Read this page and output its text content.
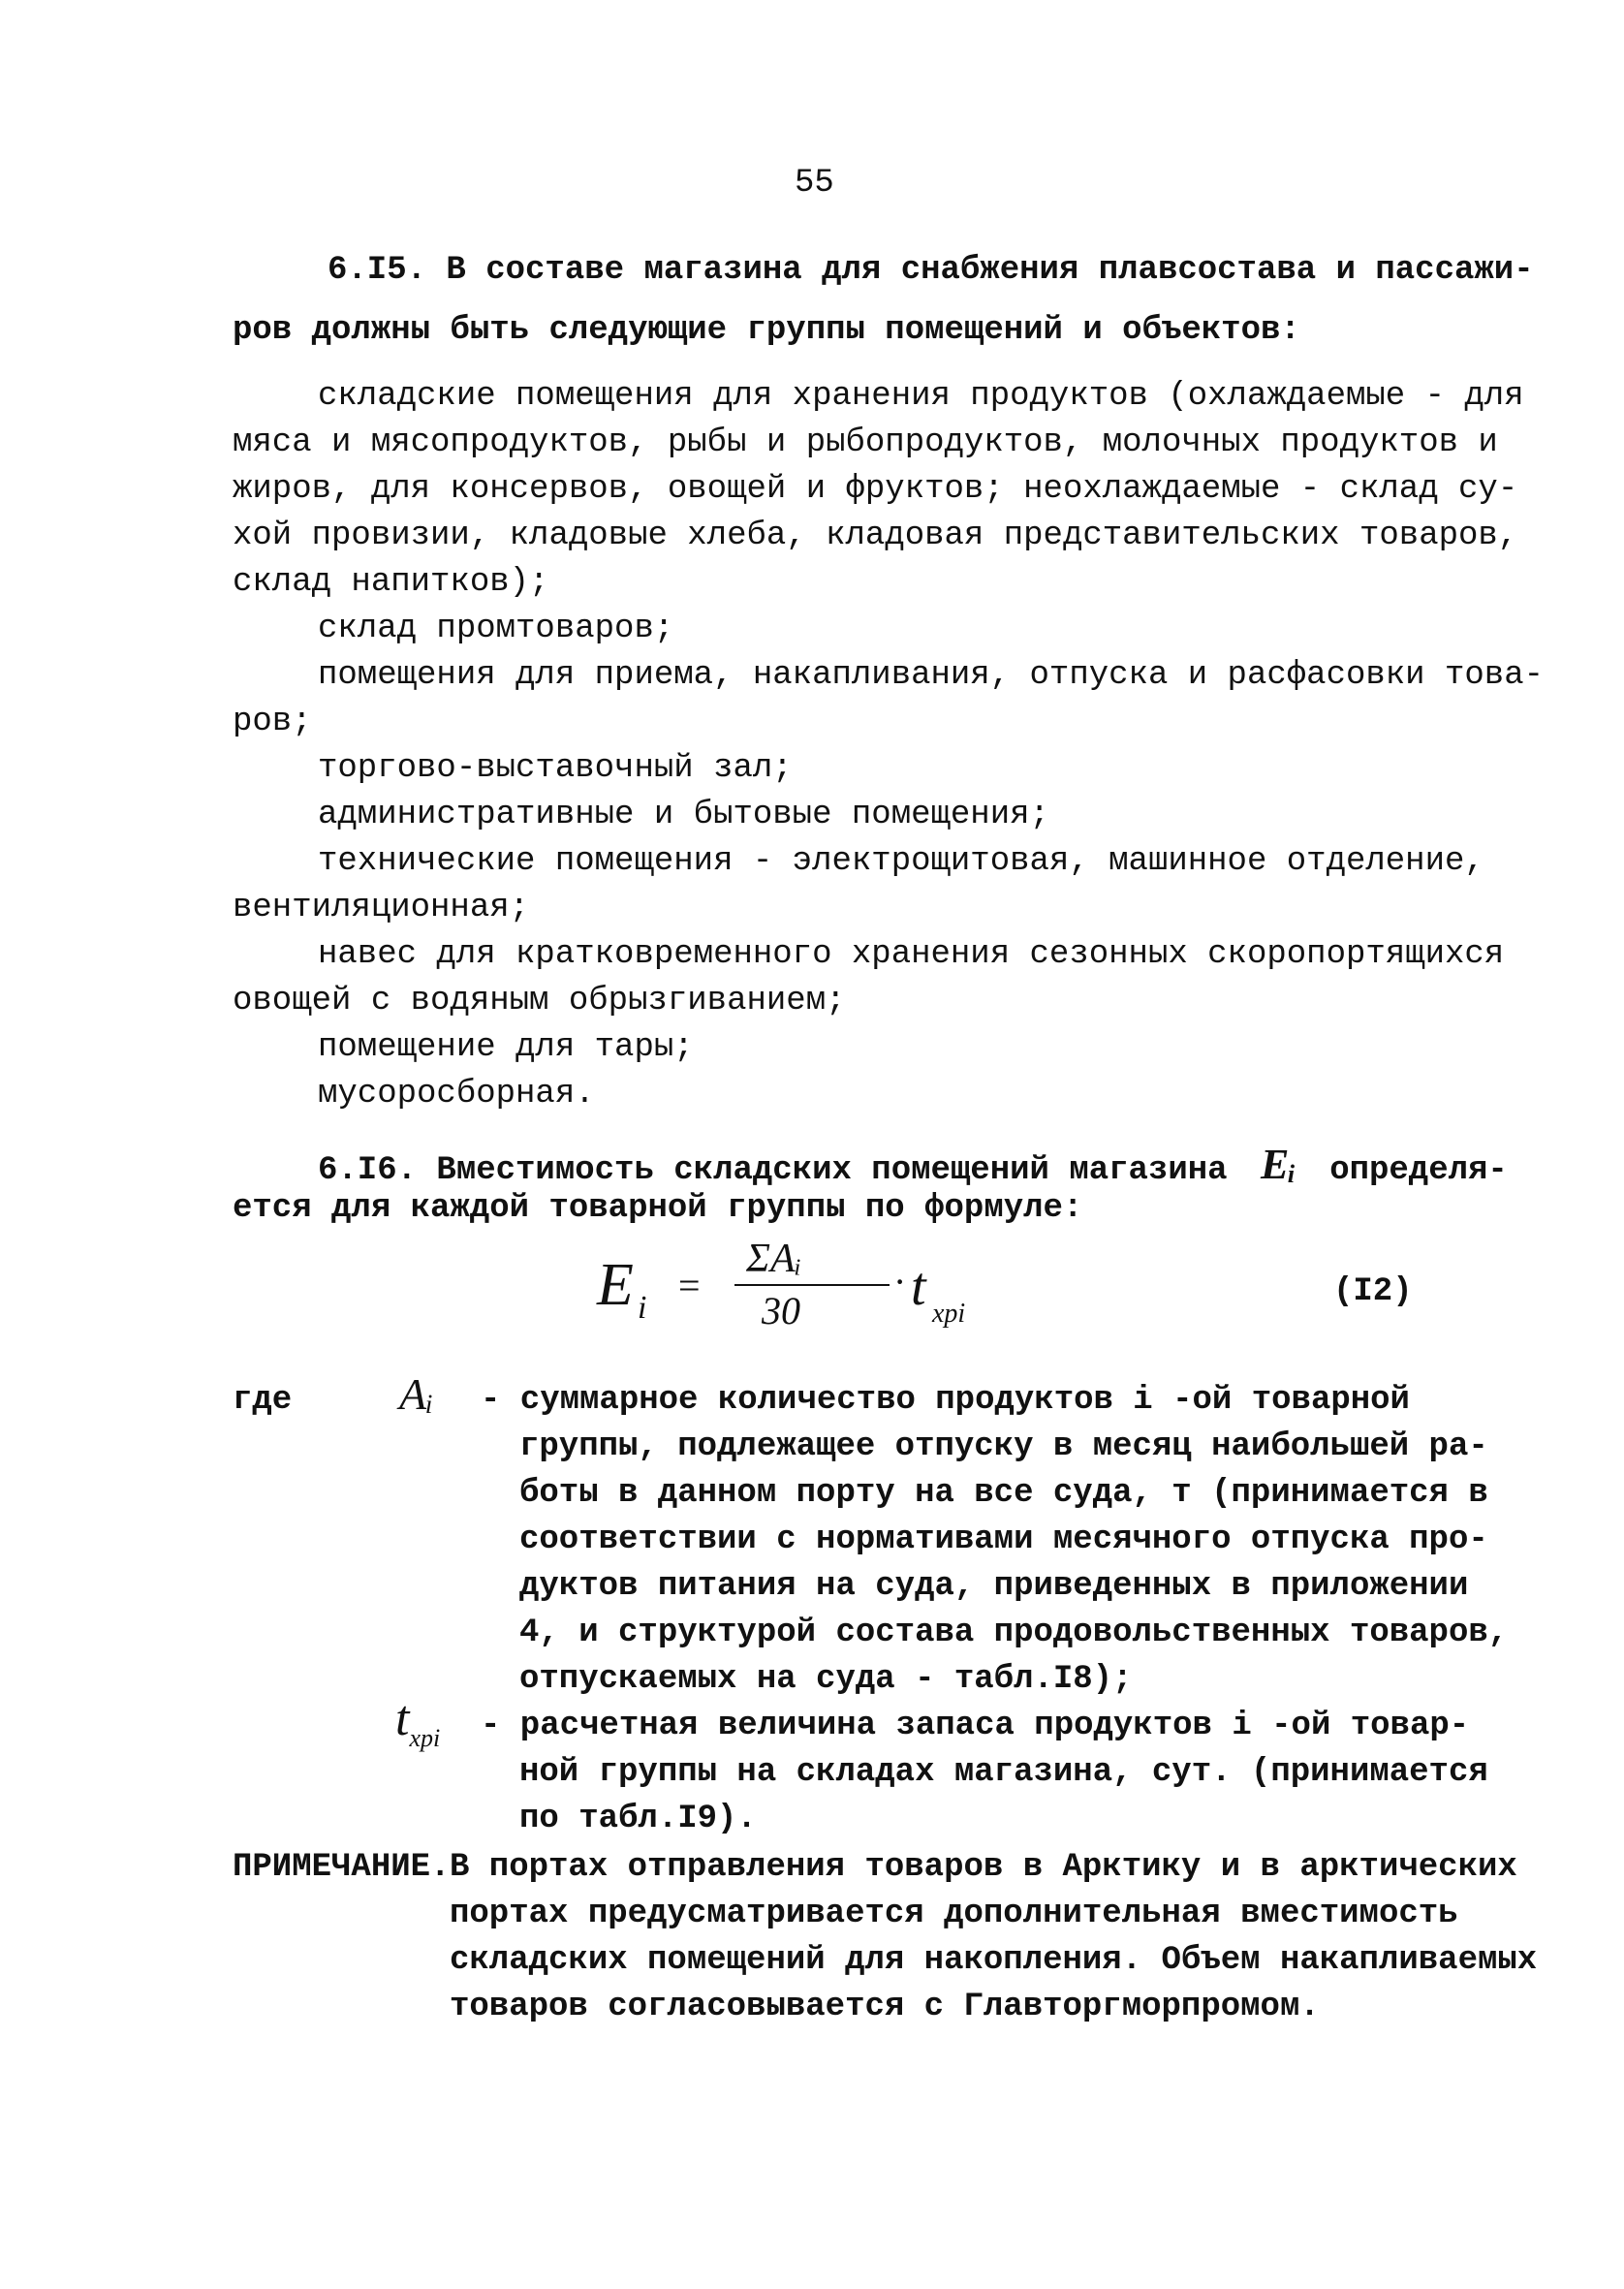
55
6.I5. В составе магазина для снабжения плавсостава и пассажи-
ров должны быть следующие группы помещений и объектов:
складские помещения для хранения продуктов (охлаждаемые - для
мяса и мясопродуктов, рыбы и рыбопродуктов, молочных продуктов и
жиров, для консервов, овощей и фруктов; неохлаждаемые - склад су-
хой провизии, кладовые хлеба, кладовая представительских товаров,
склад напитков);
склад промтоваров;
помещения для приема, накапливания, отпуска и расфасовки това-
ров;
торгово-выставочный зал;
административные и бытовые помещения;
технические помещения - электрощитовая, машинное отделение,
вентиляционная;
навес для кратковременного хранения сезонных скоропортящихся
овощей с водяным обрызгиванием;
помещение для тары;
мусоросборная.
6.I6. Вместимость складских помещений магазина Eᵢ определя-
ется для каждой товарной группы по формуле:
E i
=
ΣAᵢ
30
· t хрi
(I2)
где Aᵢ - суммарное количество продуктов i -ой товарной
группы, подлежащее отпуску в месяц наибольшей ра-
боты в данном порту на все суда, т (принимается в
соответствии с нормативами месячного отпуска про-
дуктов питания на суда, приведенных в приложении
4, и структурой состава продовольственных товаров,
отпускаемых на суда - табл.I8);
$t_{хрi}$ - расчетная величина запаса продуктов i -ой товар-
ной группы на складах магазина, сут. (принимается
по табл.I9).
ПРИМЕЧАНИЕ. В портах отправления товаров в Арктику и в арктических
портах предусматривается дополнительная вместимость
складских помещений для накопления. Объем накапливаемых
товаров согласовывается с Главторгморпромом.
